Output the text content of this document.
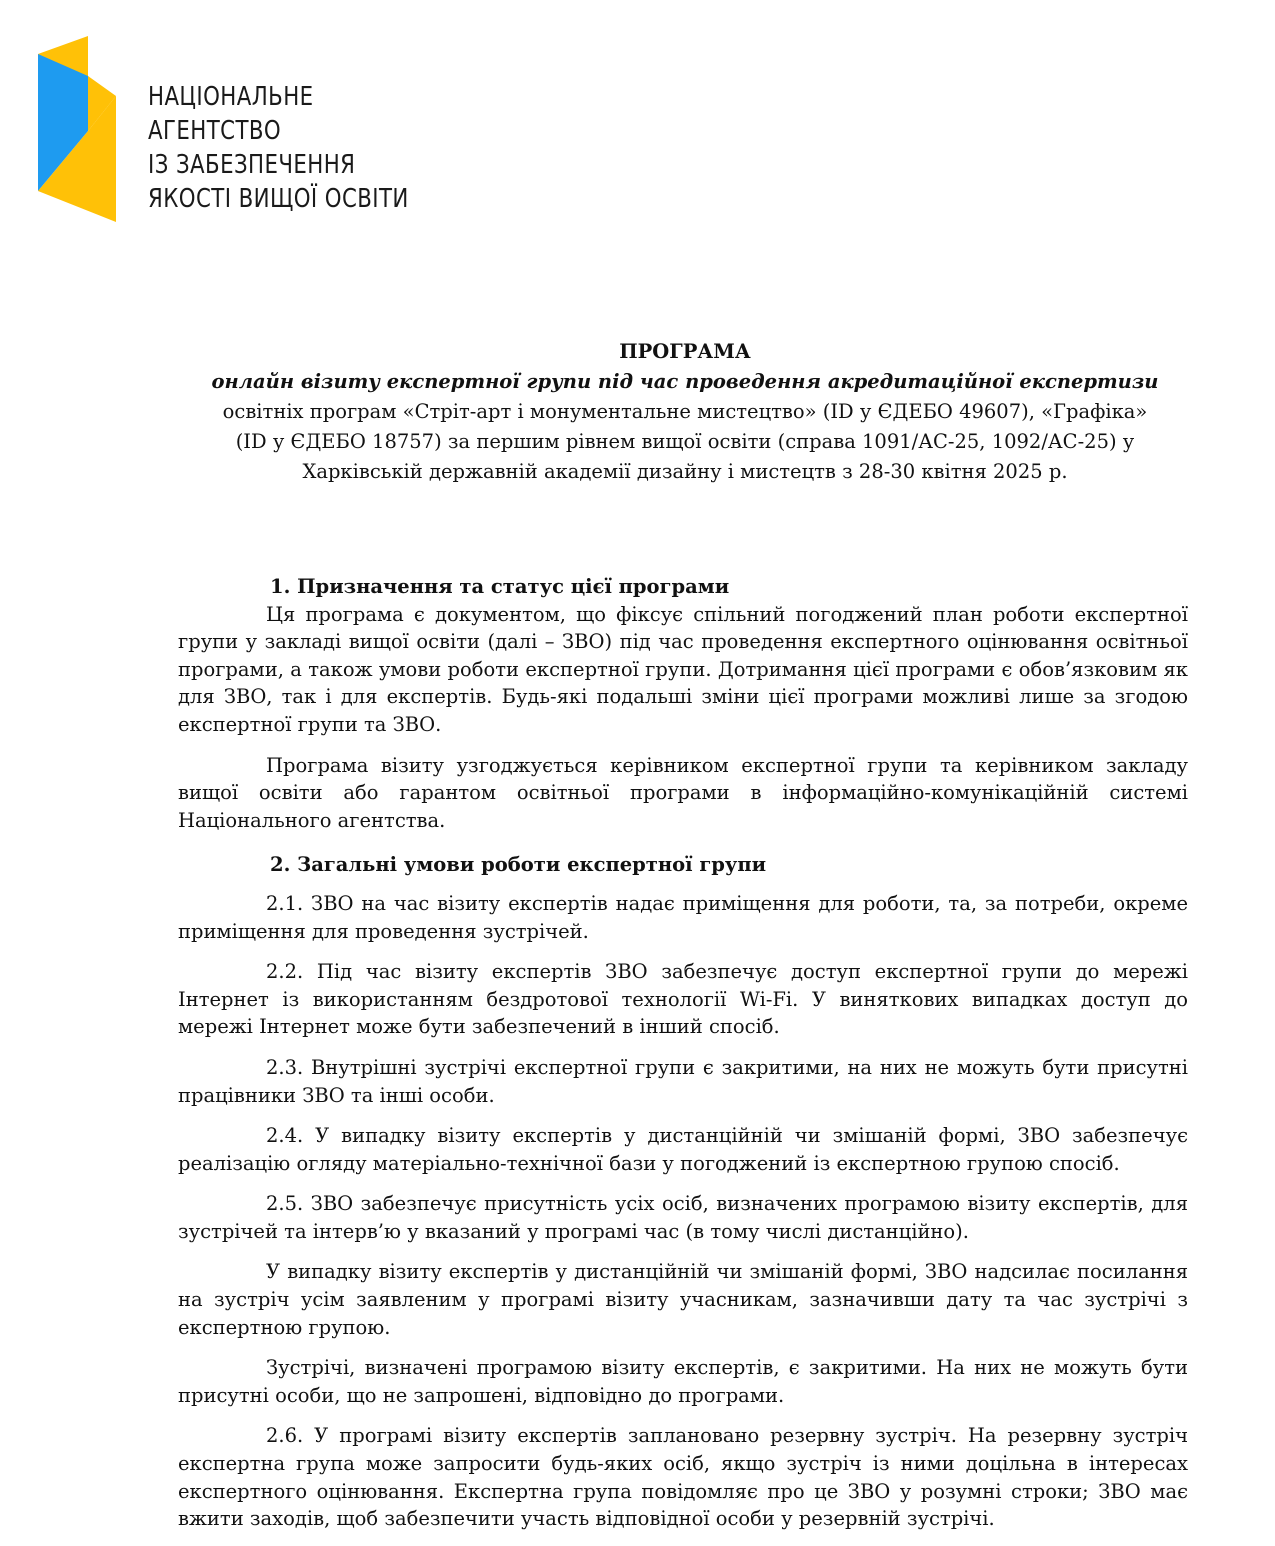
НАЦІОНАЛЬНЕ
АГЕНТСТВО
ІЗ ЗАБЕЗПЕЧЕННЯ
ЯКОСТІ ВИЩОЇ ОСВІТИ
ПРОГРАМА
онлайн візиту експертної групи під час проведення акредитаційної експертизи
освітніх програм «Стріт-арт і монументальне мистецтво» (ID у ЄДЕБО 49607), «Графіка»
(ID у ЄДЕБО 18757) за першим рівнем вищої освіти (справа 1091/АС-25, 1092/АС-25) у
Харківській державній академії дизайну і мистецтв з 28-30 квітня 2025 р.
1. Призначення та статус цієї програми

Ця програма є документом, що фіксує спільний погоджений план роботи експертної групи у закладі вищої освіти (далі – ЗВО) під час проведення експертного оцінювання освітньої програми, а також умови роботи експертної групи. Дотримання цієї програми є обов’язковим як для ЗВО, так і для експертів. Будь-які подальші зміни цієї програми можливі лише за згодою експертної групи та ЗВО.

Програма візиту узгоджується керівником експертної групи та керівником закладу вищої освіти або гарантом освітньої програми в інформаційно-комунікаційній системі Національного агентства.

2. Загальні умови роботи експертної групи

2.1. ЗВО на час візиту експертів надає приміщення для роботи, та, за потреби, окреме приміщення для проведення зустрічей.

2.2. Під час візиту експертів ЗВО забезпечує доступ експертної групи до мережі Інтернет із використанням бездротової технології Wi-Fi. У виняткових випадках доступ до мережі Інтернет може бути забезпечений в інший спосіб.

2.3. Внутрішні зустрічі експертної групи є закритими, на них не можуть бути присутні працівники ЗВО та інші особи.

2.4. У випадку візиту експертів у дистанційній чи змішаній формі, ЗВО забезпечує реалізацію огляду матеріально-технічної бази у погоджений із експертною групою спосіб.

2.5. ЗВО забезпечує присутність усіх осіб, визначених програмою візиту експертів, для зустрічей та інтерв’ю у вказаний у програмі час (в тому числі дистанційно).

У випадку візиту експертів у дистанційній чи змішаній формі, ЗВО надсилає посилання на зустріч усім заявленим у програмі візиту учасникам, зазначивши дату та час зустрічі з експертною групою.

Зустрічі, визначені програмою візиту експертів, є закритими. На них не можуть бути присутні особи, що не запрошені, відповідно до програми.

2.6. У програмі візиту експертів заплановано резервну зустріч. На резервну зустріч експертна група може запросити будь-яких осіб, якщо зустріч із ними доцільна в інтересах експертного оцінювання. Експертна група повідомляє про це ЗВО у розумні строки; ЗВО має вжити заходів, щоб забезпечити участь відповідної особи у резервній зустрічі.
